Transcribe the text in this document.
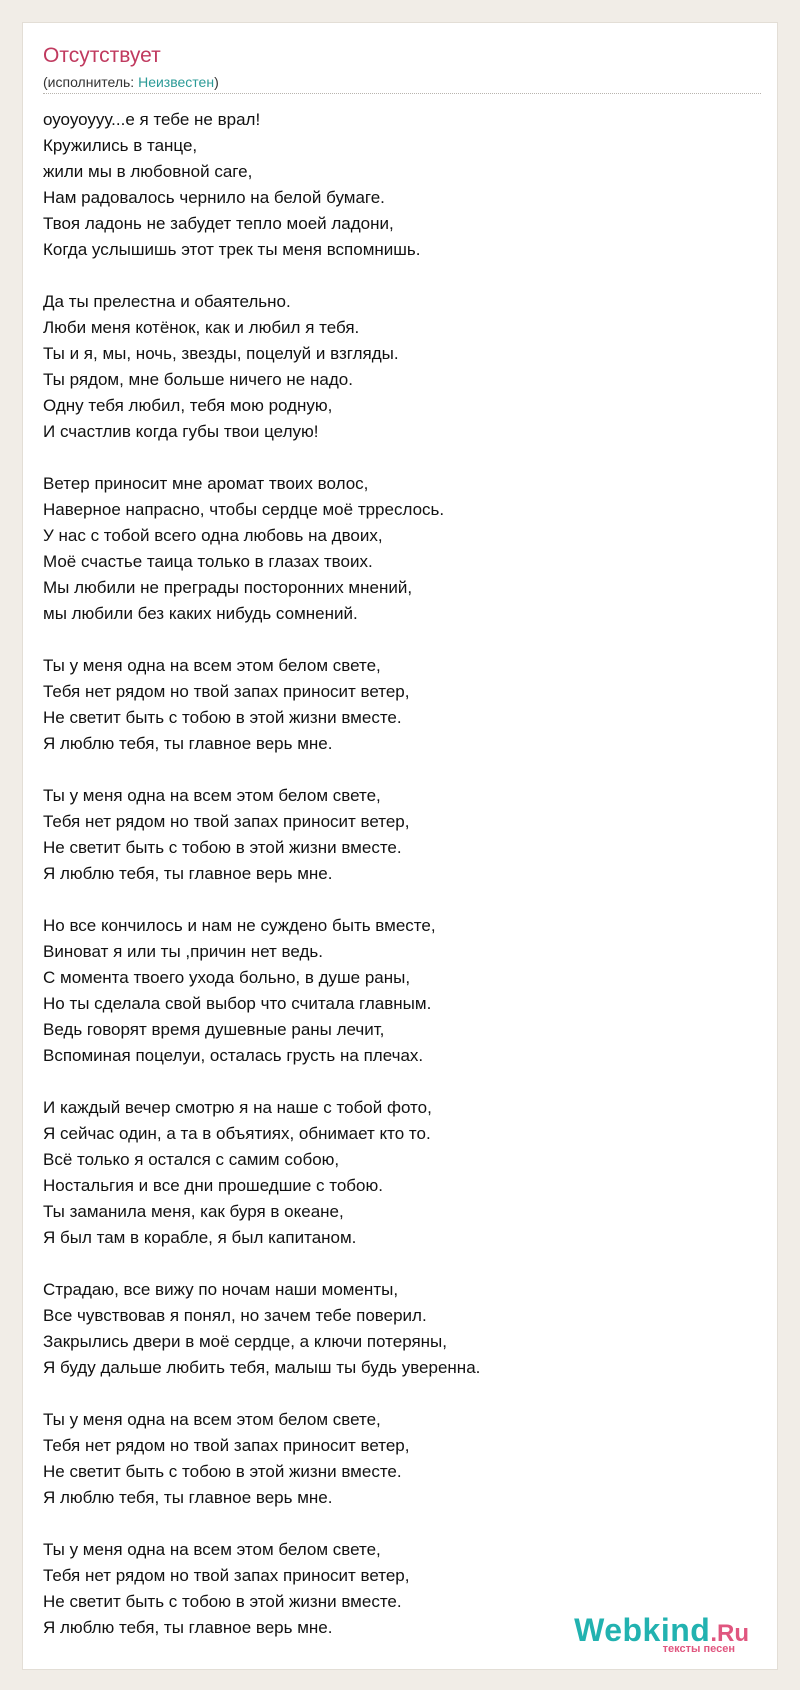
Отсутствует
(исполнитель: Неизвестен)
оуоуоууу...е я тебе не врал!
Кружились в танце,
жили мы в любовной саге,
Нам радовалось чернило на белой бумаге.
Твоя ладонь не забудет тепло моей ладони,
Когда услышишь этот трек ты меня вспомнишь.
Да ты прелестна и обаятельно.
Люби меня котёнок, как и любил я тебя.
Ты и я, мы, ночь, звезды, поцелуй и взгляды.
Ты рядом, мне больше ничего не надо.
Одну тебя любил, тебя мою родную,
И счастлив когда губы твои целую!
Ветер приносит мне аромат твоих волос,
Наверное напрасно, чтобы сердце моё трреслось.
У нас с тобой всего одна любовь на двоих,
Моё счастье таица только в глазах твоих.
Мы любили не преграды посторонних мнений,
мы любили без каких нибудь сомнений.
Ты у меня одна на всем этом белом свете,
Тебя нет рядом но твой запах приносит ветер,
Не светит быть с тобою в этой жизни вместе.
Я люблю тебя, ты главное верь мне.
Ты у меня одна на всем этом белом свете,
Тебя нет рядом но твой запах приносит ветер,
Не светит быть с тобою в этой жизни вместе.
Я люблю тебя, ты главное верь мне.
Но все кончилось и нам не суждено быть вместе,
Виноват я или ты ,причин нет ведь.
С момента твоего ухода больно, в душе раны,
Но ты сделала свой выбор что считала главным.
Ведь говорят время душевные раны лечит,
Вспоминая поцелуи, осталась грусть на плечах.
И каждый вечер смотрю я на наше с тобой фото,
Я сейчас один, а та в объятиях, обнимает кто то.
Всё только я остался с самим собою,
Ностальгия и все дни прошедшие с тобою.
Ты заманила меня, как буря в океане,
Я был там в корабле, я был капитаном.
Страдаю, все вижу по ночам наши моменты,
Все чувствовав я понял, но зачем тебе поверил.
Закрылись двери в моё сердце, а ключи потеряны,
Я буду дальше любить тебя, малыш ты будь уверенна.
Ты у меня одна на всем этом белом свете,
Тебя нет рядом но твой запах приносит ветер,
Не светит быть с тобою в этой жизни вместе.
Я люблю тебя, ты главное верь мне.
Ты у меня одна на всем этом белом свете,
Тебя нет рядом но твой запах приносит ветер,
Не светит быть с тобою в этой жизни вместе.
Я люблю тебя, ты главное верь мне.	Webkind.Ru
тексты песен
